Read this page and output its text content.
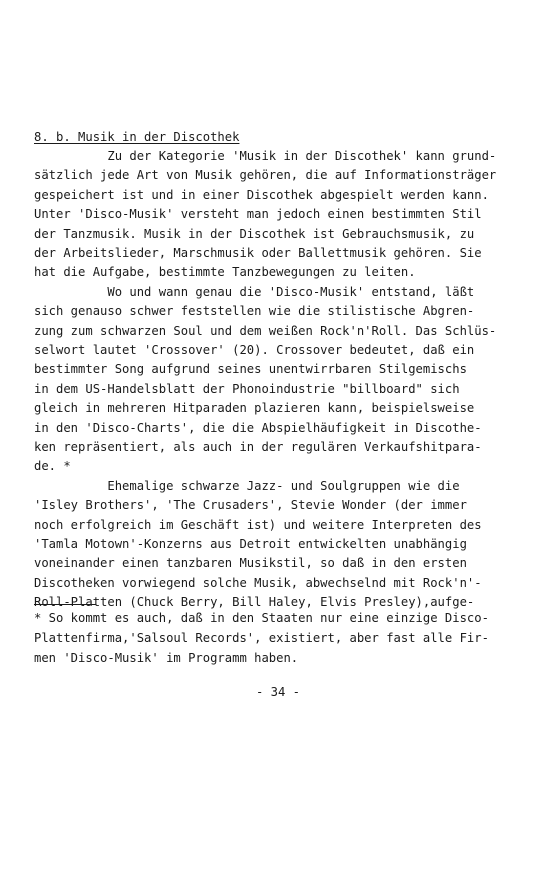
8. b. Musik in der Discothek
Zu der Kategorie 'Musik in der Discothek' kann grund-
sätzlich jede Art von Musik gehören, die auf Informationsträger
gespeichert ist und in einer Discothek abgespielt werden kann.
Unter 'Disco-Musik' versteht man jedoch einen bestimmten Stil
der Tanzmusik. Musik in der Discothek ist Gebrauchsmusik, zu
der Arbeitslieder, Marschmusik oder Ballettmusik gehören. Sie
hat die Aufgabe, bestimmte Tanzbewegungen zu leiten.
Wo und wann genau die 'Disco-Musik' entstand, läßt
sich genauso schwer feststellen wie die stilistische Abgren-
zung zum schwarzen Soul und dem weißen Rock'n'Roll. Das Schlüs-
selwort lautet 'Crossover' (20). Crossover bedeutet, daß ein
bestimmter Song aufgrund seines unentwirrbaren Stilgemischs
in dem US-Handelsblatt der Phonoindustrie "billboard" sich
gleich in mehreren Hitparaden plazieren kann, beispielsweise
in den 'Disco-Charts', die die Abspielhäufigkeit in Discothe-
ken repräsentiert, als auch in der regulären Verkaufshitpara-
de. *
Ehemalige schwarze Jazz- und Soulgruppen wie die
'Isley Brothers', 'The Crusaders', Stevie Wonder (der immer
noch erfolgreich im Geschäft ist) und weitere Interpreten des
'Tamla Motown'-Konzerns aus Detroit entwickelten unabhängig
voneinander einen tanzbaren Musikstil, so daß in den ersten
Discotheken vorwiegend solche Musik, abwechselnd mit Rock'n'-
Roll-Platten (Chuck Berry, Bill Haley, Elvis Presley),aufge-
* So kommt es auch, daß in den Staaten nur eine einzige Disco-
Plattenfirma,'Salsoul Records', existiert, aber fast alle Fir-
men 'Disco-Musik' im Programm haben.
- 34 -
